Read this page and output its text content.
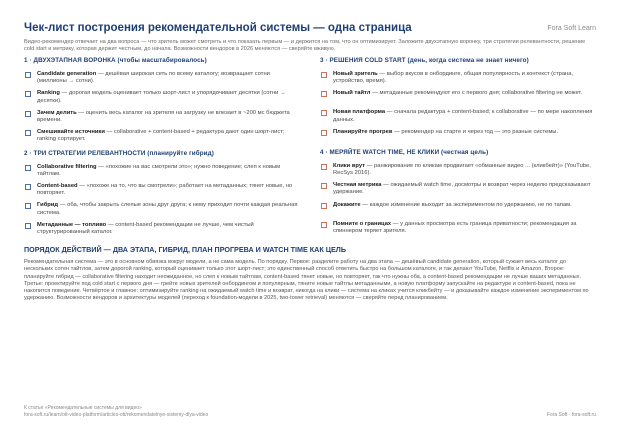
Чек‑лист построения рекомендательной системы — одна страница	Fora Soft Learn
Видео‑рекомендер отвечает на два вопроса — что зритель может смотреть и что показать первым — и держится на том, что он оптимизирует. Заложите двухэтапную воронку, три стратегии релевантности, решение cold start и метрику, которая держит честным, до начала. Возможности вендоров в 2026 меняются — сверяйте вживую.
1 · ДВУХЭТАПНАЯ ВОРОНКА (чтобы масштабировалось)
Candidate generation — дешёвая широкая сеть по всему каталогу; возвращает сотни (миллионы → сотни).
Ranking — дорогая модель оценивает только шорт‑лист и упорядочивает десятки (сотни → десятки).
Зачем делить — оценить весь каталог на зрителя на загрузку не влезает в ~200 мс бюджета времени.
Смешивайте источники — collaborative + content‑based + редактура дают один шорт‑лист; ranking сортирует.
2 · ТРИ СТРАТЕГИИ РЕЛЕВАНТНОСТИ (планируйте гибрид)
Collaborative filtering — «похожие на вас смотрели это»; нужно поведение; слеп к новым тайтлам.
Content‑based — «похоже на то, что вы смотрели»; работает на метаданных; тянет новые, но повторяет.
Гибрид — оба, чтобы закрыть слепые зоны друг друга; к нему приходит почти каждая реальная система.
Метаданные — топливо — content‑based рекомендации не лучше, чем чистый структурированный каталог.
3 · РЕШЕНИЯ COLD START (день, когда система не знает ничего)
Новый зритель — выбор вкусов в онбординге, общая популярность и контекст (страна, устройство, время).
Новый тайтл — метаданные рекомендуют его с первого дня; collaborative filtering не может.
Новая платформа — сначала редактура + content‑based; к collaborative — по мере накопления данных.
Планируйте прогрев — рекомендер на старте и через год — это разные системы.
4 · МЕРЯЙТЕ WATCH TIME, НЕ КЛИКИ (честная цель)
Клики врут — ранжирование по кликам продвигает «обманные видео ... (кликбейт)» (YouTube, RecSys 2016).
Честная метрика — ожидаемый watch time, досмотры и возврат через неделю предсказывают удержание.
Докажите — каждое изменение выходит за экспериментом по удержанию, не по тапам.
Помните о границах — у данных просмотра есть граница приватности; рекомендация за спиннером теряет зрителя.
ПОРЯДОК ДЕЙСТВИЙ — ДВА ЭТАПА, ГИБРИД, ПЛАН ПРОГРЕВА И WATCH TIME КАК ЦЕЛЬ
Рекомендательная система — это в основном обвязка вокруг модели, а не сама модель. По порядку. Первое: разделите работу на два этапа — дешёвый candidate generation, который сужает весь каталог до нескольких сотен тайтлов, затем дорогой ranking, который оценивает только этот шорт‑лист; это единственный способ ответить быстро на большом каталоге, и так делают YouTube, Netflix и Amazon. Второе: планируйте гибрид — collaborative filtering находит неожиданное, но слеп к новым тайтлам, content‑based тянет новые, но повторяет, так что нужны оба, а content‑based рекомендации не лучше ваших метаданных. Третье: проектируйте под cold start с первого дня — грейте новых зрителей онбордингом и популярным, тяните новые тайтлы метаданными, а новую платформу запускайте на редактуре и content‑based, пока не накопится поведение. Четвёртое и главное: оптимизируйте ranking на ожидаемый watch time и возврат, никогда на клики — система на кликах учится кликбейту — и доказывайте каждое изменение экспериментом по удержанию. Возможности вендоров и архитектуры моделей (переход к foundation‑модели в 2025, two‑tower retrieval) меняются — сверяйте перед планированием.
К статье «Рекомендательные системы для видео»
fora-soft.ru/learn/ott-video-platform/articles-ott/rekomendatelnye-sistemy-dlya-video	Fora Soft · fora-soft.ru
